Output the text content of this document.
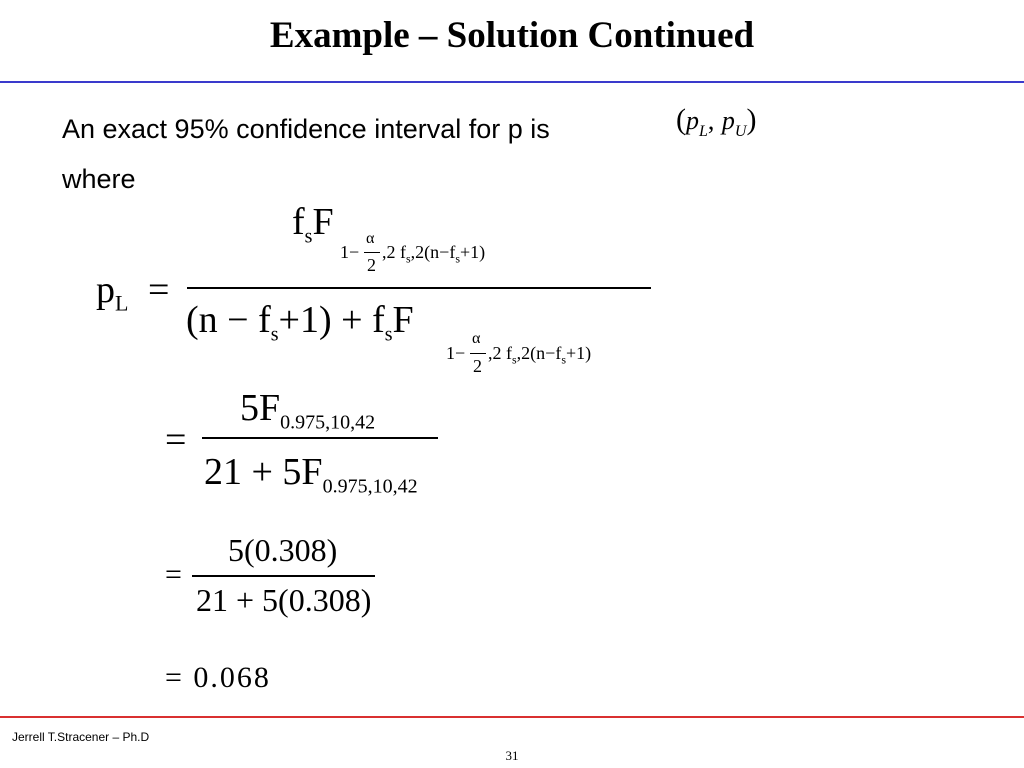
Example – Solution Continued
An exact 95% confidence interval for p is	($p_L$, $p_U$)
where
$p_L$ =
$f_sF$
1−
α
2
,2 $f_s,2(n-f_s+1)$
$(n - f_s+1) + f_sF$
1−
α
2
,2 $f_s,2(n-f_s+1)$
=
$5F_{0.975,10,42}$
$21 + 5F_{0.975,10,42}$
=
5(0.308)
21 + 5(0.308)
= 0.068
Jerrell T.Stracener – Ph.D
31
